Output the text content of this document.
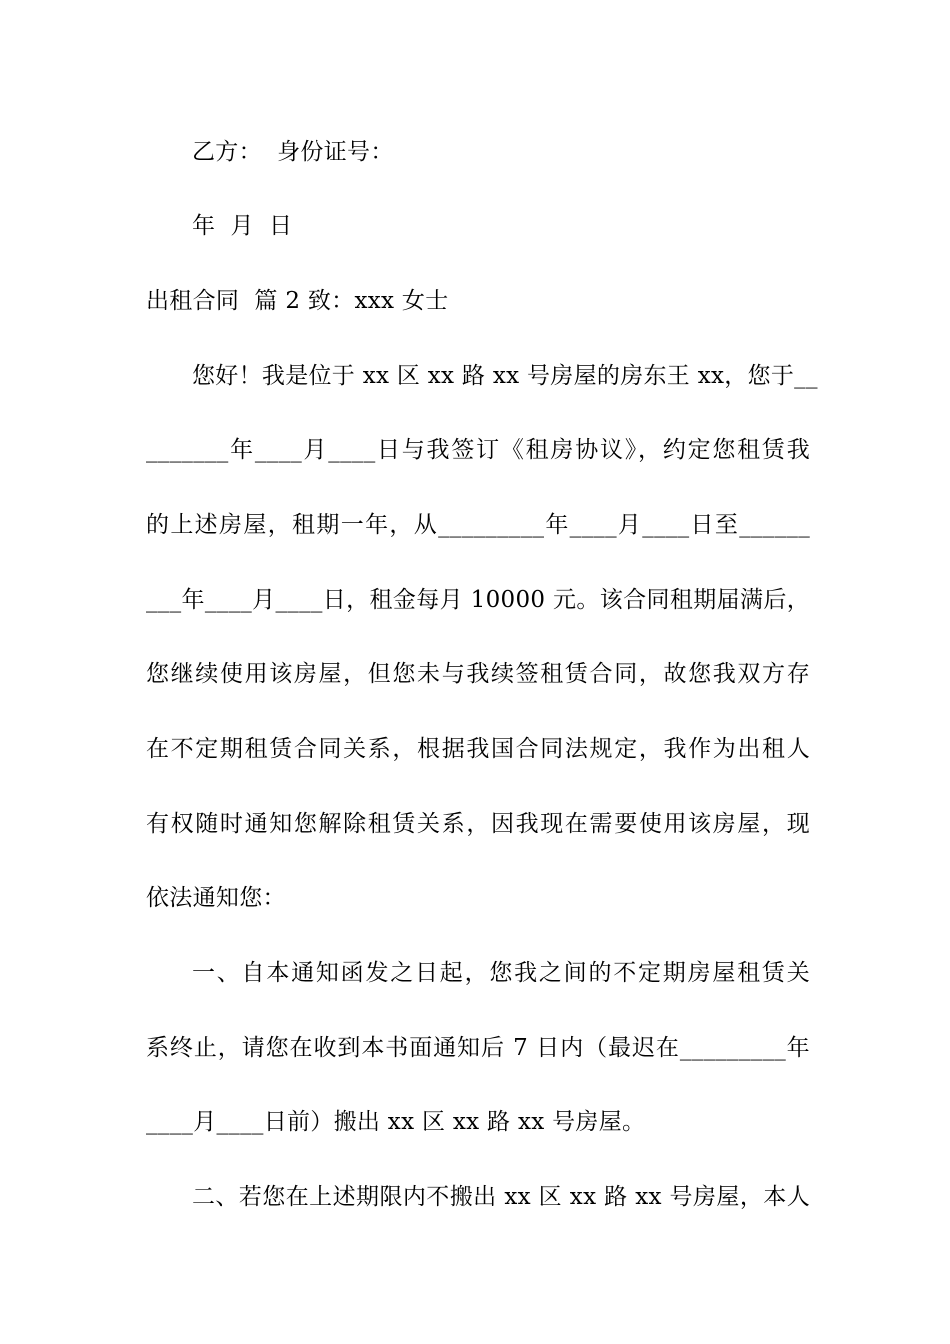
乙方：  身份证号：
年  月  日
出租合同  篇 2 致：xxx 女士
您好！我是位于 xx 区 xx 路 xx 号房屋的房东王 xx，您于__
_______年____月____日与我签订《租房协议》，约定您租赁我
的上述房屋，租期一年，从_________年____月____日至______
___年____月____日，租金每月 10000 元。该合同租期届满后，
您继续使用该房屋，但您未与我续签租赁合同，故您我双方存
在不定期租赁合同关系，根据我国合同法规定，我作为出租人
有权随时通知您解除租赁关系，因我现在需要使用该房屋，现
依法通知您：
一、自本通知函发之日起，您我之间的不定期房屋租赁关
系终止，请您在收到本书面通知后 7 日内（最迟在_________年
____月____日前）搬出 xx 区 xx 路 xx 号房屋。
二、若您在上述期限内不搬出 xx 区 xx 路 xx 号房屋，本人
